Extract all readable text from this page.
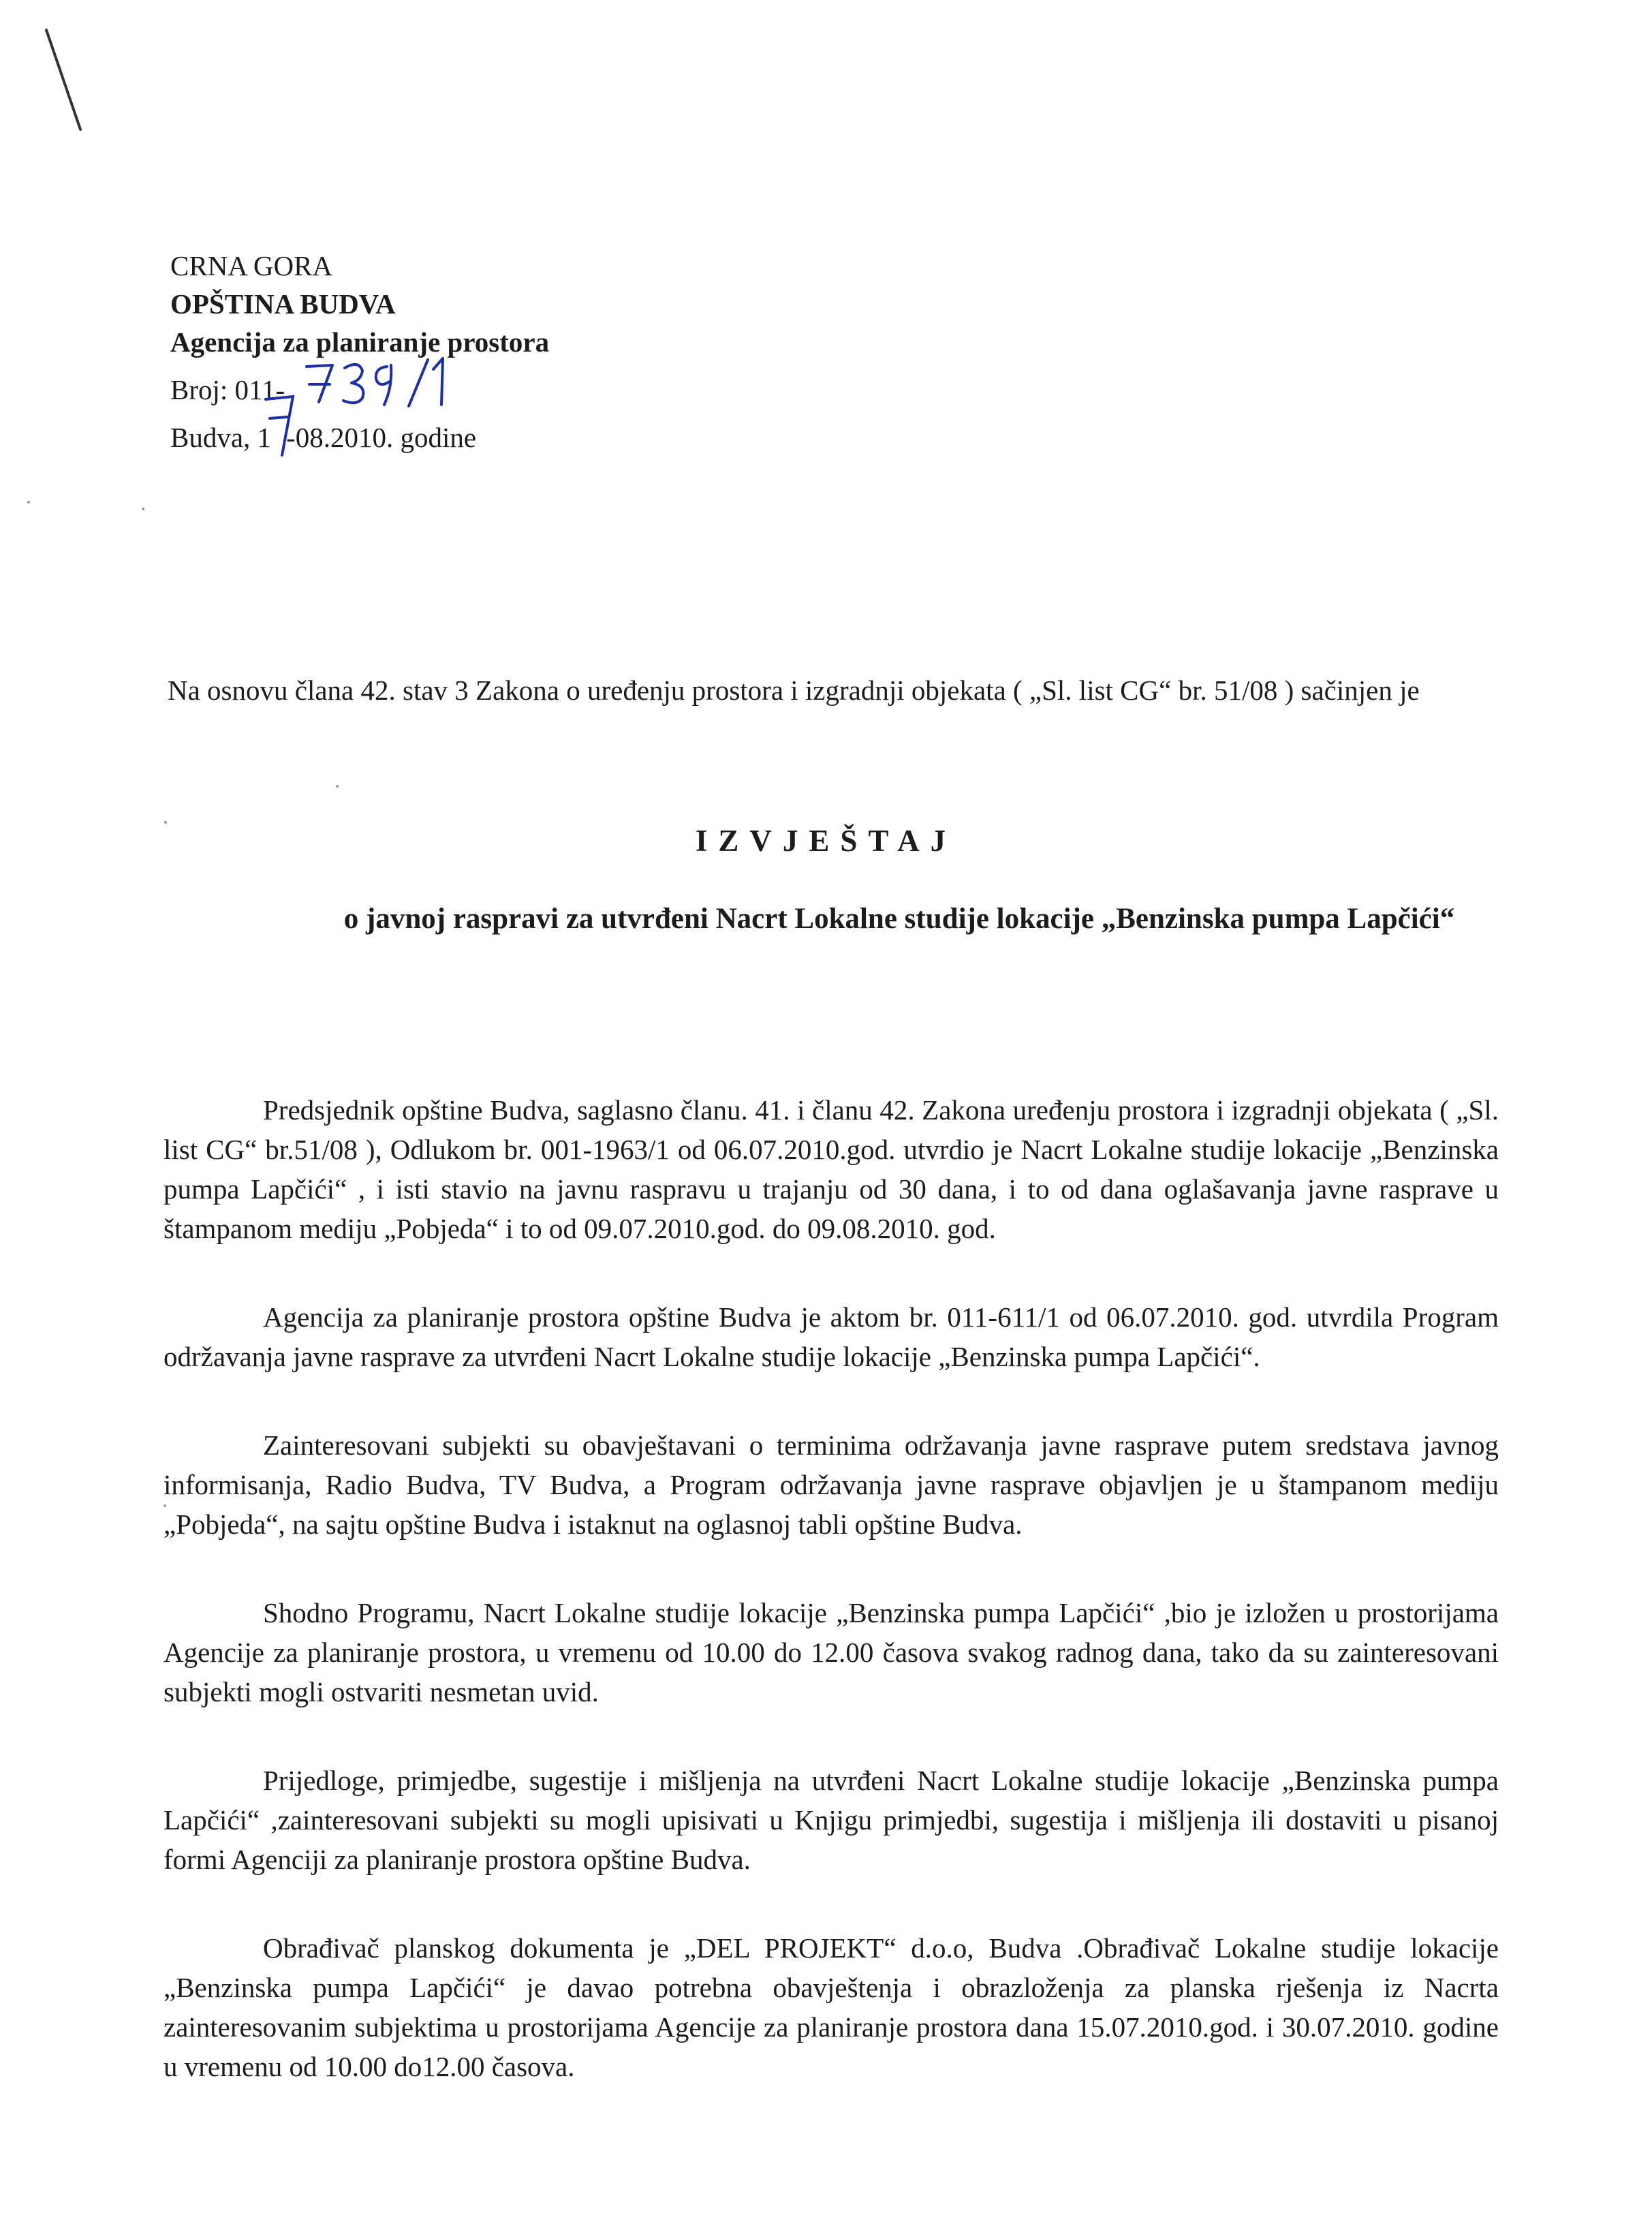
CRNA GORA
OPŠTINA BUDVA
Agencija za planiranje prostora
Broj: 011-
Budva, 1 -08.2010. godine
Na osnovu člana 42. stav 3 Zakona o uređenju prostora i izgradnji objekata ( „Sl. list CG“ br. 51/08 ) sačinjen je
IZVJEŠTAJ
o javnoj raspravi za utvrđeni Nacrt Lokalne studije lokacije „Benzinska pumpa Lapčići“

Predsjednik opštine Budva, saglasno članu. 41. i članu 42. Zakona uređenju prostora i izgradnji objekata ( „Sl. list CG“ br.51/08 ), Odlukom br. 001-1963/1 od 06.07.2010.god. utvrdio je Nacrt Lokalne studije lokacije „Benzinska pumpa Lapčići“ , i isti stavio na javnu raspravu u trajanju od 30 dana, i to od dana oglašavanja javne rasprave u štampanom mediju „Pobjeda“ i to od 09.07.2010.god. do 09.08.2010. god.

Agencija za planiranje prostora opštine Budva je aktom br. 011-611/1 od 06.07.2010. god. utvrdila Program održavanja javne rasprave za utvrđeni Nacrt Lokalne studije lokacije „Benzinska pumpa Lapčići“.

Zainteresovani subjekti su obavještavani o terminima održavanja javne rasprave putem sredstava javnog informisanja, Radio Budva, TV Budva, a Program održavanja javne rasprave objavljen je u štampanom mediju „Pobjeda“, na sajtu opštine Budva i istaknut na oglasnoj tabli opštine Budva.

Shodno Programu, Nacrt Lokalne studije lokacije „Benzinska pumpa Lapčići“ ,bio je izložen u prostorijama Agencije za planiranje prostora, u vremenu od 10.00 do 12.00 časova svakog radnog dana, tako da su zainteresovani subjekti mogli ostvariti nesmetan uvid.

Prijedloge, primjedbe, sugestije i mišljenja na utvrđeni Nacrt Lokalne studije lokacije „Benzinska pumpa Lapčići“ ,zainteresovani subjekti su mogli upisivati u Knjigu primjedbi, sugestija i mišljenja ili dostaviti u pisanoj formi Agenciji za planiranje prostora opštine Budva.

Obrađivač planskog dokumenta je „DEL PROJEKT“ d.o.o, Budva .Obrađivač Lokalne studije lokacije „Benzinska pumpa Lapčići“ je davao potrebna obavještenja i obrazloženja za planska rješenja iz Nacrta zainteresovanim subjektima u prostorijama Agencije za planiranje prostora dana 15.07.2010.god. i 30.07.2010. godine u vremenu od 10.00 do12.00 časova.
